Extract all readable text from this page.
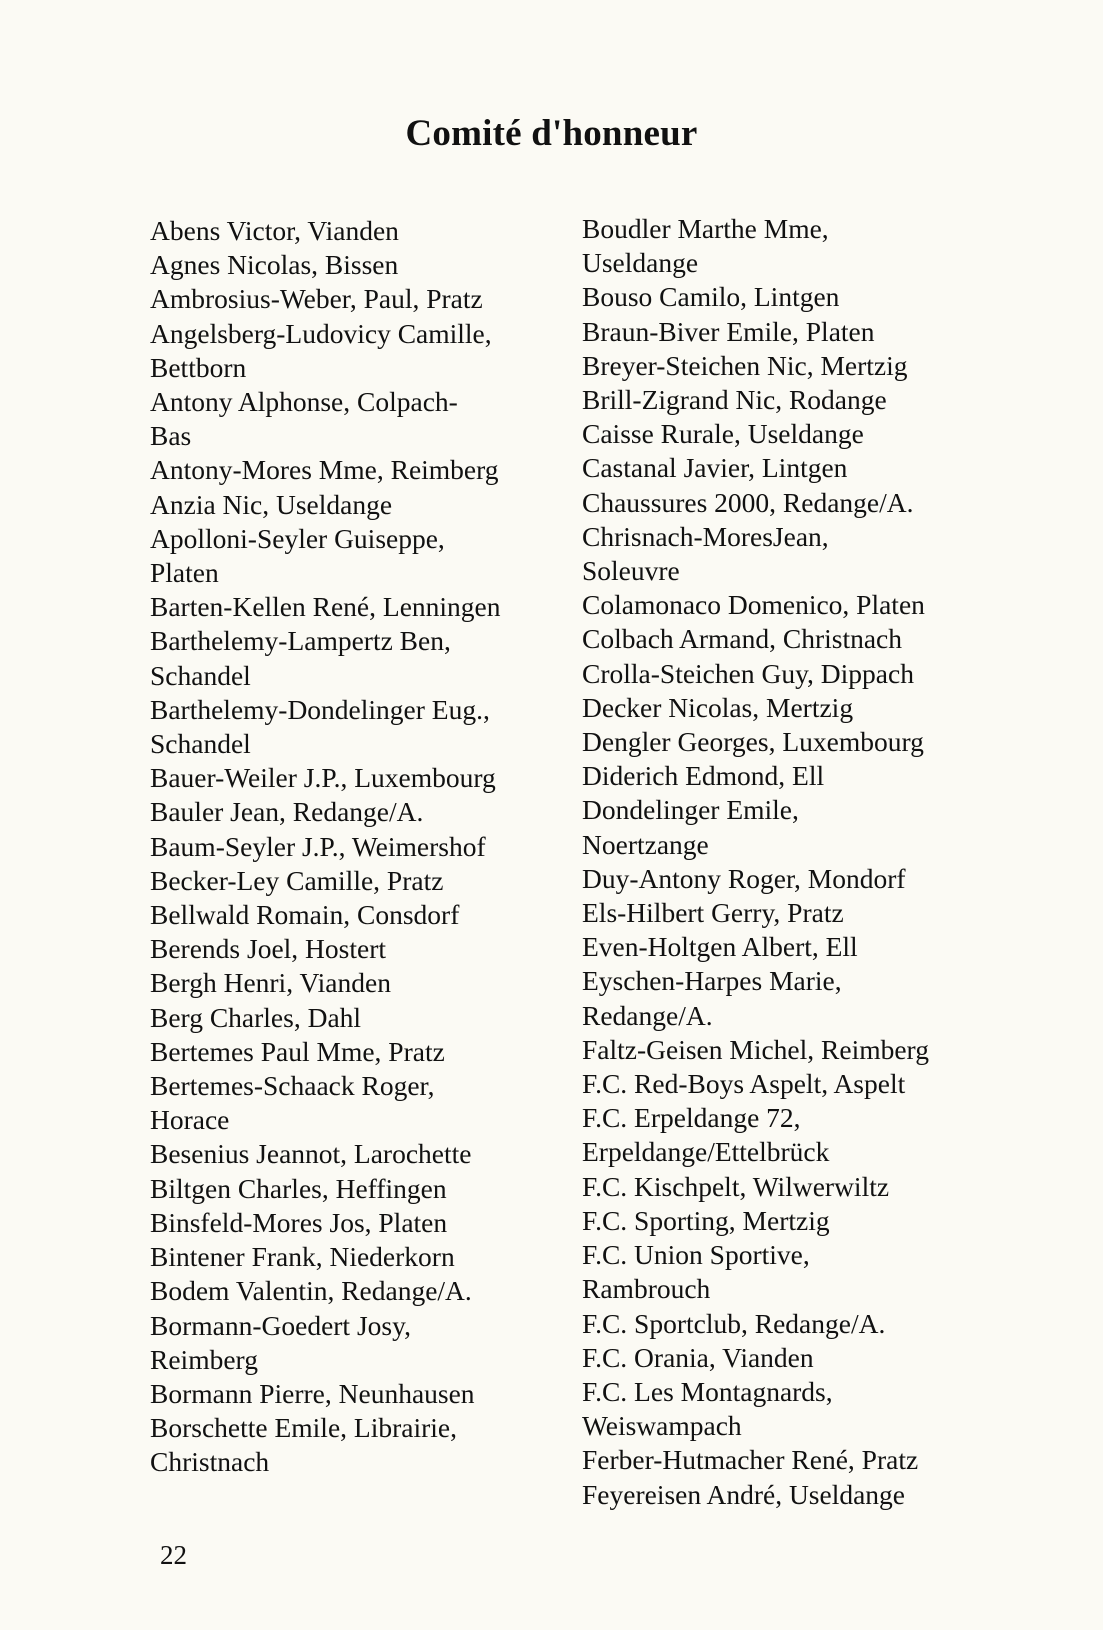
Comité d'honneur
Abens Victor, Vianden
Agnes Nicolas, Bissen
Ambrosius-Weber, Paul, Pratz
Angelsberg-Ludovicy Camille,
Bettborn
Antony Alphonse, Colpach-
Bas
Antony-Mores Mme, Reimberg
Anzia Nic, Useldange
Apolloni-Seyler Guiseppe,
Platen
Barten-Kellen René, Lenningen
Barthelemy-Lampertz Ben,
Schandel
Barthelemy-Dondelinger Eug.,
Schandel
Bauer-Weiler J.P., Luxembourg
Bauler Jean, Redange/A.
Baum-Seyler J.P., Weimershof
Becker-Ley Camille, Pratz
Bellwald Romain, Consdorf
Berends Joel, Hostert
Bergh Henri, Vianden
Berg Charles, Dahl
Bertemes Paul Mme, Pratz
Bertemes-Schaack Roger,
Horace
Besenius Jeannot, Larochette
Biltgen Charles, Heffingen
Binsfeld-Mores Jos, Platen
Bintener Frank, Niederkorn
Bodem Valentin, Redange/A.
Bormann-Goedert Josy,
Reimberg
Bormann Pierre, Neunhausen
Borschette Emile, Librairie,
Christnach
Boudler Marthe Mme,
Useldange
Bouso Camilo, Lintgen
Braun-Biver Emile, Platen
Breyer-Steichen Nic, Mertzig
Brill-Zigrand Nic, Rodange
Caisse Rurale, Useldange
Castanal Javier, Lintgen
Chaussures 2000, Redange/A.
Chrisnach-MoresJean,
Soleuvre
Colamonaco Domenico, Platen
Colbach Armand, Christnach
Crolla-Steichen Guy, Dippach
Decker Nicolas, Mertzig
Dengler Georges, Luxembourg
Diderich Edmond, Ell
Dondelinger Emile,
Noertzange
Duy-Antony Roger, Mondorf
Els-Hilbert Gerry, Pratz
Even-Holtgen Albert, Ell
Eyschen-Harpes Marie,
Redange/A.
Faltz-Geisen Michel, Reimberg
F.C. Red-Boys Aspelt, Aspelt
F.C. Erpeldange 72,
Erpeldange/Ettelbrück
F.C. Kischpelt, Wilwerwiltz
F.C. Sporting, Mertzig
F.C. Union Sportive,
Rambrouch
F.C. Sportclub, Redange/A.
F.C. Orania, Vianden
F.C. Les Montagnards,
Weiswampach
Ferber-Hutmacher René, Pratz
Feyereisen André, Useldange
22
